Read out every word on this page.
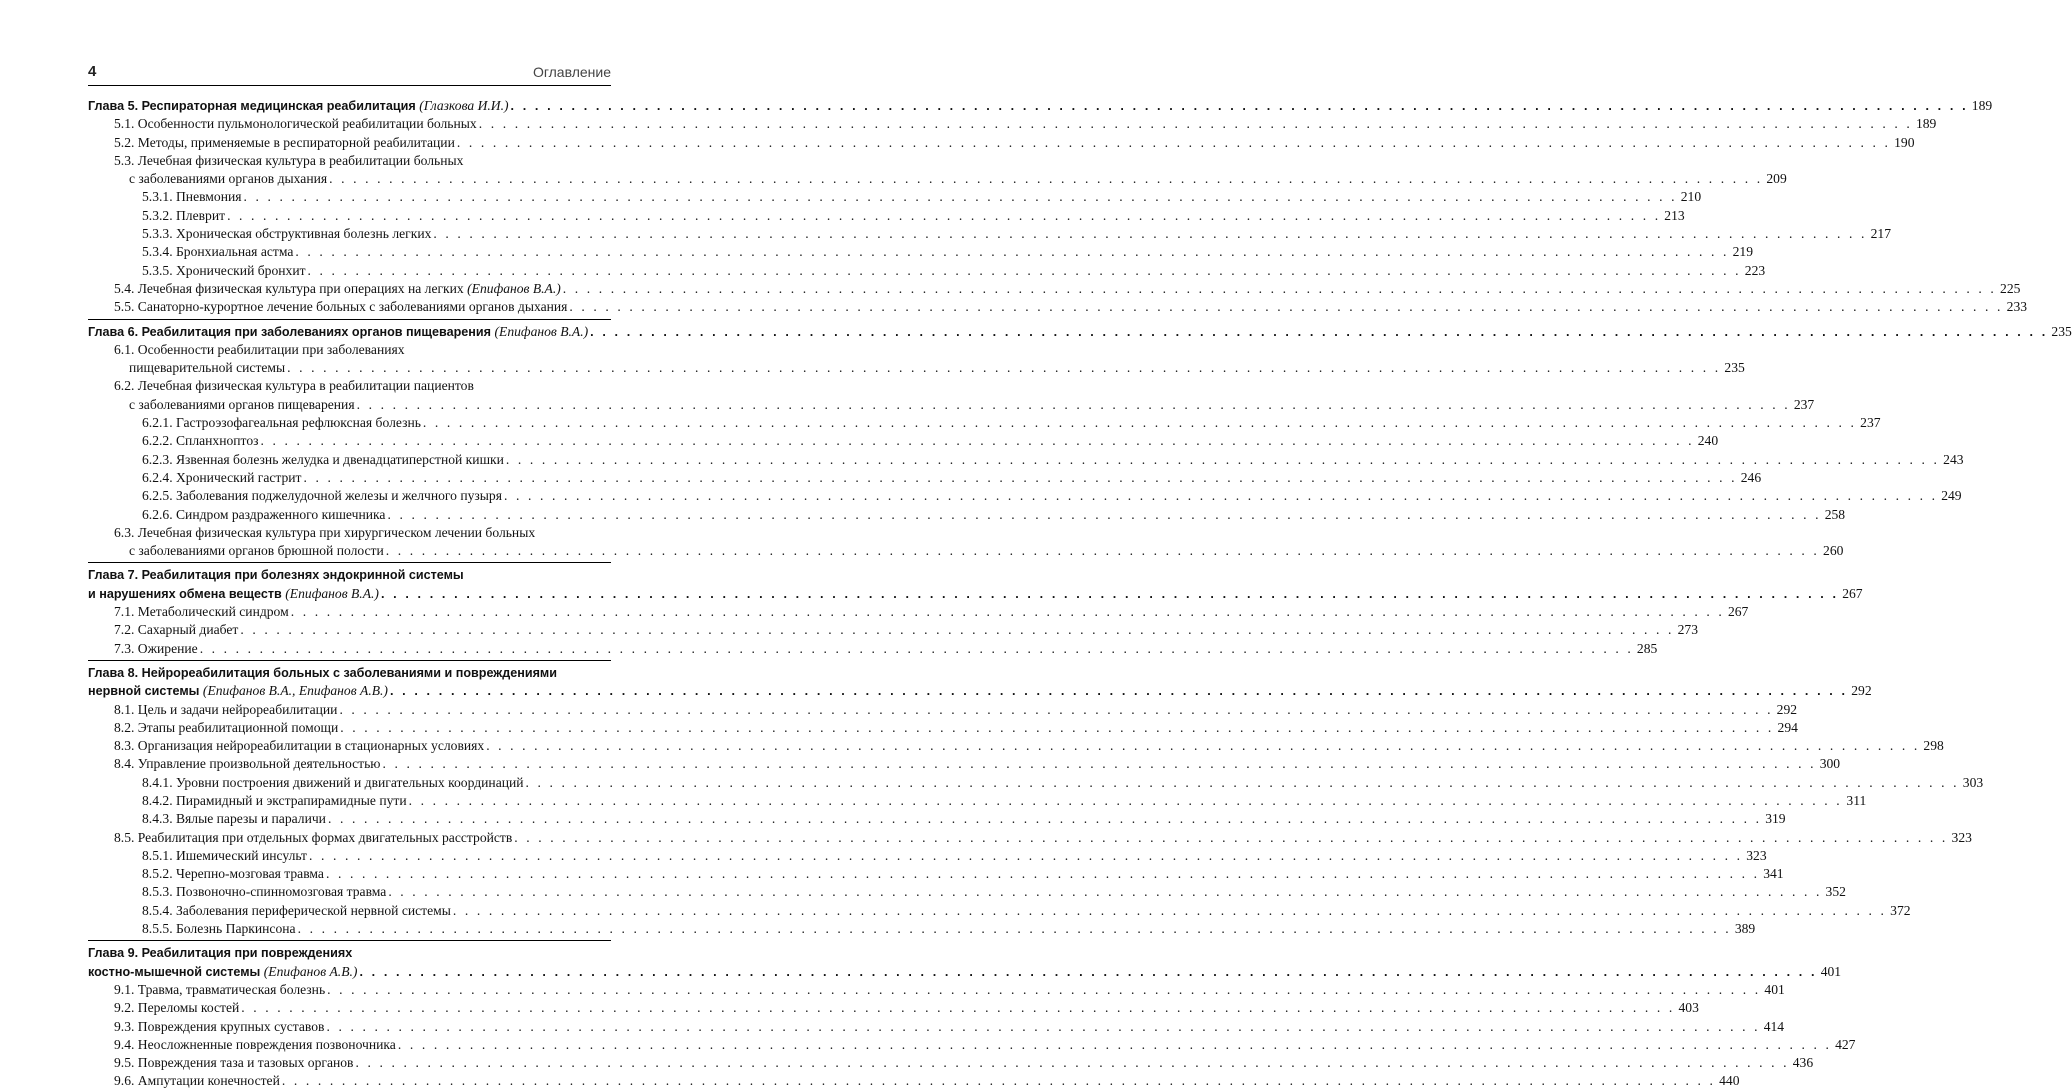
4	Оглавление
Глава 5. Респираторная медицинская реабилитация (Глазкова И.И.) . . . . . . . . . . . . . . . . . . . . . . . . . . . . . . . . . . . . . . . . . . . . . . . . . . . . . . . . . . . . . . . . . . . . . . . . . . . . . . . . . . . . . . . . . . . . . . . . . . . . . . . . . . . . . . . . . . . . . . . . 189
5.1. Особенности пульмонологической реабилитации больных . . . . . . . . . . . . . . . . . . . . . . . . . . . . . . . . . . . . . . . . . . . . . . . . . . . . . . . . . . . . . . . . . . . . . . . . . . . . . . . . . . . . . . . . . . . . . . . . . . . . . . . . . . . . . . . . . . . . . . . . 189
5.2. Методы, применяемые в респираторной реабилитации . . . . . . . . . . . . . . . . . . . . . . . . . . . . . . . . . . . . . . . . . . . . . . . . . . . . . . . . . . . . . . . . . . . . . . . . . . . . . . . . . . . . . . . . . . . . . . . . . . . . . . . . . . . . . . . . . . . . . . . . 190
5.3. Лечебная физическая культура в реабилитации больных
с заболеваниями органов дыхания . . . . . . . . . . . . . . . . . . . . . . . . . . . . . . . . . . . . . . . . . . . . . . . . . . . . . . . . . . . . . . . . . . . . . . . . . . . . . . . . . . . . . . . . . . . . . . . . . . . . . . . . . . . . . . . . . . . . . . . . 209
5.3.1. Пневмония . . . . . . . . . . . . . . . . . . . . . . . . . . . . . . . . . . . . . . . . . . . . . . . . . . . . . . . . . . . . . . . . . . . . . . . . . . . . . . . . . . . . . . . . . . . . . . . . . . . . . . . . . . . . . . . . . . . . . . . . 210
5.3.2. Плеврит . . . . . . . . . . . . . . . . . . . . . . . . . . . . . . . . . . . . . . . . . . . . . . . . . . . . . . . . . . . . . . . . . . . . . . . . . . . . . . . . . . . . . . . . . . . . . . . . . . . . . . . . . . . . . . . . . . . . . . . . 213
5.3.3. Хроническая обструктивная болезнь легких . . . . . . . . . . . . . . . . . . . . . . . . . . . . . . . . . . . . . . . . . . . . . . . . . . . . . . . . . . . . . . . . . . . . . . . . . . . . . . . . . . . . . . . . . . . . . . . . . . . . . . . . . . . . . . . . . . . . . . . . 217
5.3.4. Бронхиальная астма . . . . . . . . . . . . . . . . . . . . . . . . . . . . . . . . . . . . . . . . . . . . . . . . . . . . . . . . . . . . . . . . . . . . . . . . . . . . . . . . . . . . . . . . . . . . . . . . . . . . . . . . . . . . . . . . . . . . . . . . 219
5.3.5. Хронический бронхит . . . . . . . . . . . . . . . . . . . . . . . . . . . . . . . . . . . . . . . . . . . . . . . . . . . . . . . . . . . . . . . . . . . . . . . . . . . . . . . . . . . . . . . . . . . . . . . . . . . . . . . . . . . . . . . . . . . . . . . . 223
5.4. Лечебная физическая культура при операциях на легких (Епифанов В.А.) . . . . . . . . . . . . . . . . . . . . . . . . . . . . . . . . . . . . . . . . . . . . . . . . . . . . . . . . . . . . . . . . . . . . . . . . . . . . . . . . . . . . . . . . . . . . . . . . . . . . . . . . . . . . . . . . . . . . . . . . 225
5.5. Санаторно-курортное лечение больных с заболеваниями органов дыхания . . . . . . . . . . . . . . . . . . . . . . . . . . . . . . . . . . . . . . . . . . . . . . . . . . . . . . . . . . . . . . . . . . . . . . . . . . . . . . . . . . . . . . . . . . . . . . . . . . . . . . . . . . . . . . . . . . . . . . . . 233
Глава 6. Реабилитация при заболеваниях органов пищеварения (Епифанов В.А.) . . . . . . . . . . . . . . . . . . . . . . . . . . . . . . . . . . . . . . . . . . . . . . . . . . . . . . . . . . . . . . . . . . . . . . . . . . . . . . . . . . . . . . . . . . . . . . . . . . . . . . . . . . . . . . . . . . . . . . . . 235
6.1. Особенности реабилитации при заболеваниях
пищеварительной системы . . . . . . . . . . . . . . . . . . . . . . . . . . . . . . . . . . . . . . . . . . . . . . . . . . . . . . . . . . . . . . . . . . . . . . . . . . . . . . . . . . . . . . . . . . . . . . . . . . . . . . . . . . . . . . . . . . . . . . . . 235
6.2. Лечебная физическая культура в реабилитации пациентов
с заболеваниями органов пищеварения . . . . . . . . . . . . . . . . . . . . . . . . . . . . . . . . . . . . . . . . . . . . . . . . . . . . . . . . . . . . . . . . . . . . . . . . . . . . . . . . . . . . . . . . . . . . . . . . . . . . . . . . . . . . . . . . . . . . . . . . 237
6.2.1. Гастроэзофагеальная рефлюксная болезнь . . . . . . . . . . . . . . . . . . . . . . . . . . . . . . . . . . . . . . . . . . . . . . . . . . . . . . . . . . . . . . . . . . . . . . . . . . . . . . . . . . . . . . . . . . . . . . . . . . . . . . . . . . . . . . . . . . . . . . . . 237
6.2.2. Спланхноптоз . . . . . . . . . . . . . . . . . . . . . . . . . . . . . . . . . . . . . . . . . . . . . . . . . . . . . . . . . . . . . . . . . . . . . . . . . . . . . . . . . . . . . . . . . . . . . . . . . . . . . . . . . . . . . . . . . . . . . . . . 240
6.2.3. Язвенная болезнь желудка и двенадцатиперстной кишки . . . . . . . . . . . . . . . . . . . . . . . . . . . . . . . . . . . . . . . . . . . . . . . . . . . . . . . . . . . . . . . . . . . . . . . . . . . . . . . . . . . . . . . . . . . . . . . . . . . . . . . . . . . . . . . . . . . . . . . . 243
6.2.4. Хронический гастрит . . . . . . . . . . . . . . . . . . . . . . . . . . . . . . . . . . . . . . . . . . . . . . . . . . . . . . . . . . . . . . . . . . . . . . . . . . . . . . . . . . . . . . . . . . . . . . . . . . . . . . . . . . . . . . . . . . . . . . . . 246
6.2.5. Заболевания поджелудочной железы и желчного пузыря . . . . . . . . . . . . . . . . . . . . . . . . . . . . . . . . . . . . . . . . . . . . . . . . . . . . . . . . . . . . . . . . . . . . . . . . . . . . . . . . . . . . . . . . . . . . . . . . . . . . . . . . . . . . . . . . . . . . . . . . 249
6.2.6. Синдром раздраженного кишечника . . . . . . . . . . . . . . . . . . . . . . . . . . . . . . . . . . . . . . . . . . . . . . . . . . . . . . . . . . . . . . . . . . . . . . . . . . . . . . . . . . . . . . . . . . . . . . . . . . . . . . . . . . . . . . . . . . . . . . . . 258
6.3. Лечебная физическая культура при хирургическом лечении больных
с заболеваниями органов брюшной полости . . . . . . . . . . . . . . . . . . . . . . . . . . . . . . . . . . . . . . . . . . . . . . . . . . . . . . . . . . . . . . . . . . . . . . . . . . . . . . . . . . . . . . . . . . . . . . . . . . . . . . . . . . . . . . . . . . . . . . . . 260
Глава 7. Реабилитация при болезнях эндокринной системы
и нарушениях обмена веществ (Епифанов В.А.) . . . . . . . . . . . . . . . . . . . . . . . . . . . . . . . . . . . . . . . . . . . . . . . . . . . . . . . . . . . . . . . . . . . . . . . . . . . . . . . . . . . . . . . . . . . . . . . . . . . . . . . . . . . . . . . . . . . . . . . . 267
7.1. Метаболический синдром . . . . . . . . . . . . . . . . . . . . . . . . . . . . . . . . . . . . . . . . . . . . . . . . . . . . . . . . . . . . . . . . . . . . . . . . . . . . . . . . . . . . . . . . . . . . . . . . . . . . . . . . . . . . . . . . . . . . . . . . 267
7.2. Сахарный диабет . . . . . . . . . . . . . . . . . . . . . . . . . . . . . . . . . . . . . . . . . . . . . . . . . . . . . . . . . . . . . . . . . . . . . . . . . . . . . . . . . . . . . . . . . . . . . . . . . . . . . . . . . . . . . . . . . . . . . . . . 273
7.3. Ожирение . . . . . . . . . . . . . . . . . . . . . . . . . . . . . . . . . . . . . . . . . . . . . . . . . . . . . . . . . . . . . . . . . . . . . . . . . . . . . . . . . . . . . . . . . . . . . . . . . . . . . . . . . . . . . . . . . . . . . . . . 285
Глава 8. Нейрореабилитация больных с заболеваниями и повреждениями
нервной системы (Епифанов В.А., Епифанов А.В.) . . . . . . . . . . . . . . . . . . . . . . . . . . . . . . . . . . . . . . . . . . . . . . . . . . . . . . . . . . . . . . . . . . . . . . . . . . . . . . . . . . . . . . . . . . . . . . . . . . . . . . . . . . . . . . . . . . . . . . . . 292
8.1. Цель и задачи нейрореабилитации . . . . . . . . . . . . . . . . . . . . . . . . . . . . . . . . . . . . . . . . . . . . . . . . . . . . . . . . . . . . . . . . . . . . . . . . . . . . . . . . . . . . . . . . . . . . . . . . . . . . . . . . . . . . . . . . . . . . . . . . 292
8.2. Этапы реабилитационной помощи . . . . . . . . . . . . . . . . . . . . . . . . . . . . . . . . . . . . . . . . . . . . . . . . . . . . . . . . . . . . . . . . . . . . . . . . . . . . . . . . . . . . . . . . . . . . . . . . . . . . . . . . . . . . . . . . . . . . . . . . 294
8.3. Организация нейрореабилитации в стационарных условиях . . . . . . . . . . . . . . . . . . . . . . . . . . . . . . . . . . . . . . . . . . . . . . . . . . . . . . . . . . . . . . . . . . . . . . . . . . . . . . . . . . . . . . . . . . . . . . . . . . . . . . . . . . . . . . . . . . . . . . . . 298
8.4. Управление произвольной деятельностью . . . . . . . . . . . . . . . . . . . . . . . . . . . . . . . . . . . . . . . . . . . . . . . . . . . . . . . . . . . . . . . . . . . . . . . . . . . . . . . . . . . . . . . . . . . . . . . . . . . . . . . . . . . . . . . . . . . . . . . . 300
8.4.1. Уровни построения движений и двигательных координаций . . . . . . . . . . . . . . . . . . . . . . . . . . . . . . . . . . . . . . . . . . . . . . . . . . . . . . . . . . . . . . . . . . . . . . . . . . . . . . . . . . . . . . . . . . . . . . . . . . . . . . . . . . . . . . . . . . . . . . . . 303
8.4.2. Пирамидный и экстрапирамидные пути . . . . . . . . . . . . . . . . . . . . . . . . . . . . . . . . . . . . . . . . . . . . . . . . . . . . . . . . . . . . . . . . . . . . . . . . . . . . . . . . . . . . . . . . . . . . . . . . . . . . . . . . . . . . . . . . . . . . . . . . 311
8.4.3. Вялые парезы и параличи . . . . . . . . . . . . . . . . . . . . . . . . . . . . . . . . . . . . . . . . . . . . . . . . . . . . . . . . . . . . . . . . . . . . . . . . . . . . . . . . . . . . . . . . . . . . . . . . . . . . . . . . . . . . . . . . . . . . . . . . 319
8.5. Реабилитация при отдельных формах двигательных расстройств . . . . . . . . . . . . . . . . . . . . . . . . . . . . . . . . . . . . . . . . . . . . . . . . . . . . . . . . . . . . . . . . . . . . . . . . . . . . . . . . . . . . . . . . . . . . . . . . . . . . . . . . . . . . . . . . . . . . . . . . 323
8.5.1. Ишемический инсульт . . . . . . . . . . . . . . . . . . . . . . . . . . . . . . . . . . . . . . . . . . . . . . . . . . . . . . . . . . . . . . . . . . . . . . . . . . . . . . . . . . . . . . . . . . . . . . . . . . . . . . . . . . . . . . . . . . . . . . . . 323
8.5.2. Черепно-мозговая травма . . . . . . . . . . . . . . . . . . . . . . . . . . . . . . . . . . . . . . . . . . . . . . . . . . . . . . . . . . . . . . . . . . . . . . . . . . . . . . . . . . . . . . . . . . . . . . . . . . . . . . . . . . . . . . . . . . . . . . . . 341
8.5.3. Позвоночно-спинномозговая травма . . . . . . . . . . . . . . . . . . . . . . . . . . . . . . . . . . . . . . . . . . . . . . . . . . . . . . . . . . . . . . . . . . . . . . . . . . . . . . . . . . . . . . . . . . . . . . . . . . . . . . . . . . . . . . . . . . . . . . . . 352
8.5.4. Заболевания периферической нервной системы . . . . . . . . . . . . . . . . . . . . . . . . . . . . . . . . . . . . . . . . . . . . . . . . . . . . . . . . . . . . . . . . . . . . . . . . . . . . . . . . . . . . . . . . . . . . . . . . . . . . . . . . . . . . . . . . . . . . . . . . 372
8.5.5. Болезнь Паркинсона . . . . . . . . . . . . . . . . . . . . . . . . . . . . . . . . . . . . . . . . . . . . . . . . . . . . . . . . . . . . . . . . . . . . . . . . . . . . . . . . . . . . . . . . . . . . . . . . . . . . . . . . . . . . . . . . . . . . . . . . 389
Глава 9. Реабилитация при повреждениях
костно-мышечной системы (Епифанов А.В.) . . . . . . . . . . . . . . . . . . . . . . . . . . . . . . . . . . . . . . . . . . . . . . . . . . . . . . . . . . . . . . . . . . . . . . . . . . . . . . . . . . . . . . . . . . . . . . . . . . . . . . . . . . . . . . . . . . . . . . . . 401
9.1. Травма, травматическая болезнь . . . . . . . . . . . . . . . . . . . . . . . . . . . . . . . . . . . . . . . . . . . . . . . . . . . . . . . . . . . . . . . . . . . . . . . . . . . . . . . . . . . . . . . . . . . . . . . . . . . . . . . . . . . . . . . . . . . . . . . . 401
9.2. Переломы костей . . . . . . . . . . . . . . . . . . . . . . . . . . . . . . . . . . . . . . . . . . . . . . . . . . . . . . . . . . . . . . . . . . . . . . . . . . . . . . . . . . . . . . . . . . . . . . . . . . . . . . . . . . . . . . . . . . . . . . . . 403
9.3. Повреждения крупных суставов . . . . . . . . . . . . . . . . . . . . . . . . . . . . . . . . . . . . . . . . . . . . . . . . . . . . . . . . . . . . . . . . . . . . . . . . . . . . . . . . . . . . . . . . . . . . . . . . . . . . . . . . . . . . . . . . . . . . . . . . 414
9.4. Неосложненные повреждения позвоночника . . . . . . . . . . . . . . . . . . . . . . . . . . . . . . . . . . . . . . . . . . . . . . . . . . . . . . . . . . . . . . . . . . . . . . . . . . . . . . . . . . . . . . . . . . . . . . . . . . . . . . . . . . . . . . . . . . . . . . . . 427
9.5. Повреждения таза и тазовых органов . . . . . . . . . . . . . . . . . . . . . . . . . . . . . . . . . . . . . . . . . . . . . . . . . . . . . . . . . . . . . . . . . . . . . . . . . . . . . . . . . . . . . . . . . . . . . . . . . . . . . . . . . . . . . . . . . . . . . . . . 436
9.6. Ампутации конечностей . . . . . . . . . . . . . . . . . . . . . . . . . . . . . . . . . . . . . . . . . . . . . . . . . . . . . . . . . . . . . . . . . . . . . . . . . . . . . . . . . . . . . . . . . . . . . . . . . . . . . . . . . . . . . . . . . . . . . . . . 440
